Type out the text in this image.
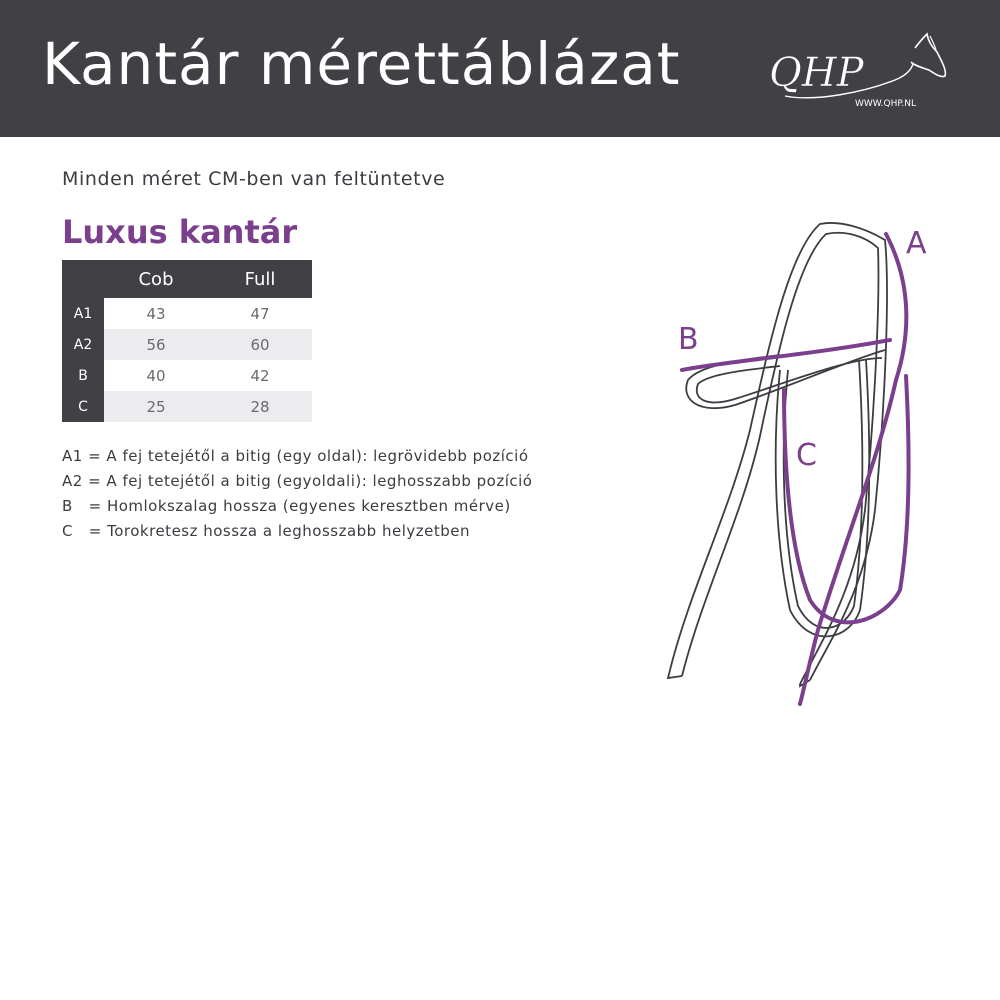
Kantár mérettáblázat QHP
WWW.QHP.NL
Minden méret CM-ben van feltüntetve
Luxus kantár
	Cob	Full
A1	43	47
A2	56	60
B	40	42
C	25	28
A1 = A fej tetejétől a bitig (egy oldal): legrövidebb pozíció
A2 = A fej tetejétől a bitig (egyoldali): leghosszabb pozíció
B   = Homlokszalag hossza (egyenes keresztben mérve)
C   = Torokretesz hossza a leghosszabb helyzetben
A
B
C
